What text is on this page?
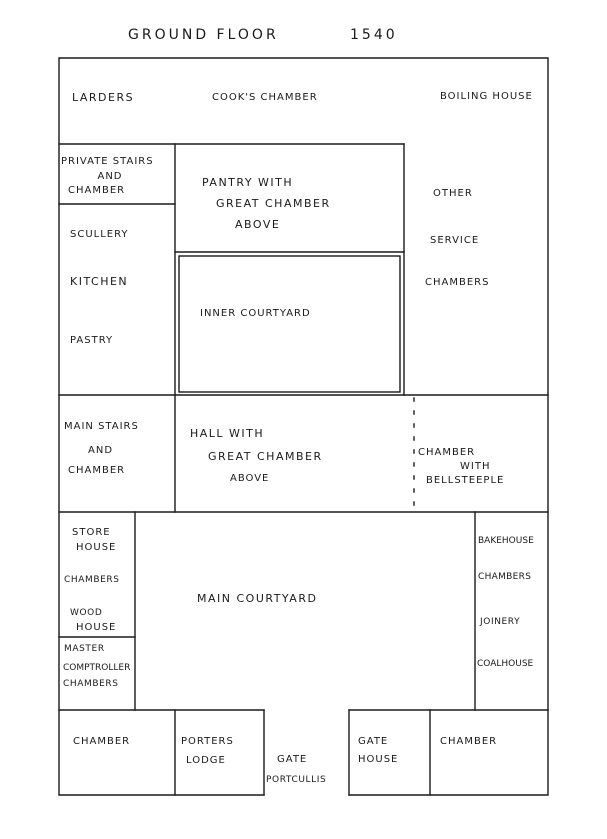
GROUND FLOOR	1540
LARDERS	COOK'S CHAMBER	BOILING HOUSE
PRIVATE STAIRS
AND
CHAMBER
PANTRY WITH
GREAT CHAMBER
ABOVE
OTHER
SERVICE
CHAMBERS
SCULLERY
KITCHEN
PASTRY
INNER COURTYARD
MAIN STAIRS
AND
CHAMBER
HALL WITH
GREAT CHAMBER
ABOVE
CHAMBER
WITH
BELLSTEEPLE
STORE
HOUSE
CHAMBERS
WOOD
HOUSE
MASTER
COMPTROLLER
CHAMBERS
MAIN COURTYARD
BAKEHOUSE
CHAMBERS
JOINERY
COALHOUSE
CHAMBER	PORTERS
LODGE	GATE
PORTCULLIS
GATE
HOUSE
CHAMBER
